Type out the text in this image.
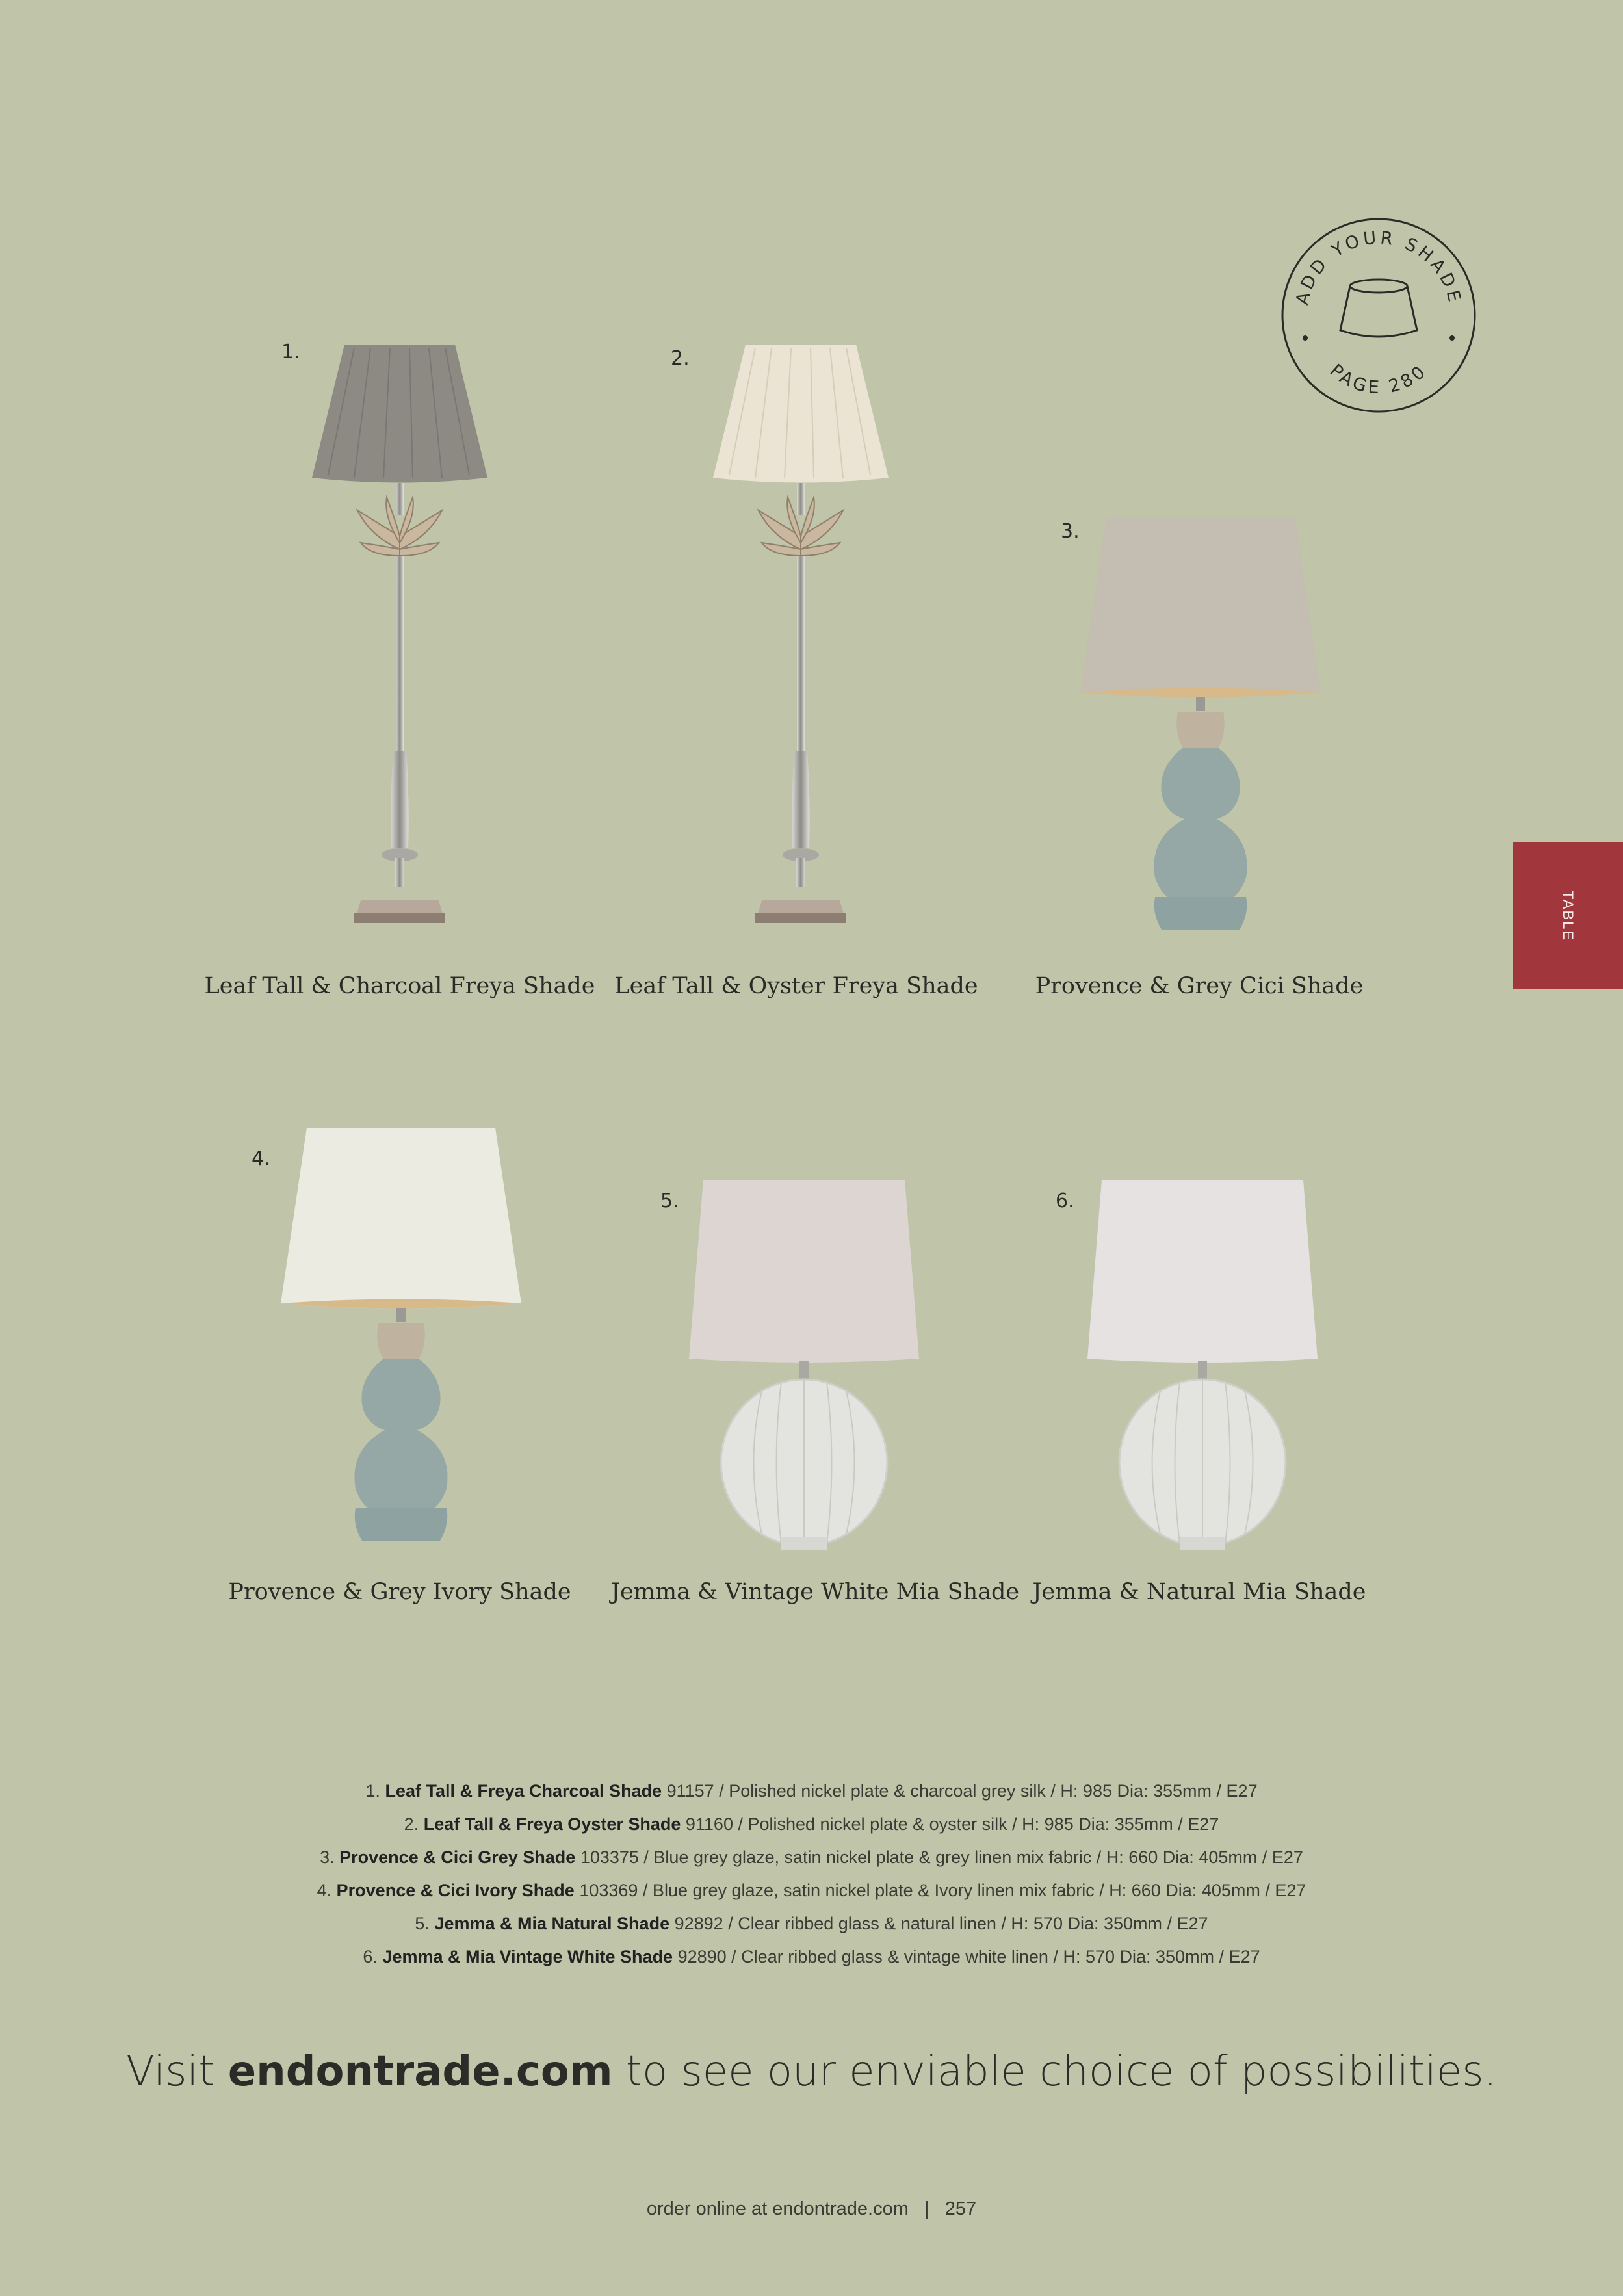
ADD YOUR SHADE
PAGE 280
TABLE
1.
Leaf Tall & Charcoal Freya Shade
2.
Leaf Tall & Oyster Freya Shade
3.
Provence & Grey Cici Shade
4.
Provence & Grey Ivory Shade
5.
Jemma & Vintage White Mia Shade
6.
Jemma & Natural Mia Shade
1. Leaf Tall & Freya Charcoal Shade 91157 / Polished nickel plate & charcoal grey silk / H: 985 Dia: 355mm / E27
2. Leaf Tall & Freya Oyster Shade 91160 / Polished nickel plate & oyster silk / H: 985 Dia: 355mm / E27
3. Provence & Cici Grey Shade 103375 / Blue grey glaze, satin nickel plate & grey linen mix fabric / H: 660 Dia: 405mm / E27
4. Provence & Cici Ivory Shade 103369 / Blue grey glaze, satin nickel plate & Ivory linen mix fabric / H: 660 Dia: 405mm / E27
5. Jemma & Mia Natural Shade 92892 / Clear ribbed glass & natural linen / H: 570 Dia: 350mm / E27
6. Jemma & Mia Vintage White Shade 92890 / Clear ribbed glass & vintage white linen / H: 570 Dia: 350mm / E27
Visit endontrade.com to see our enviable choice of possibilities.
order online at endontrade.com | 257
